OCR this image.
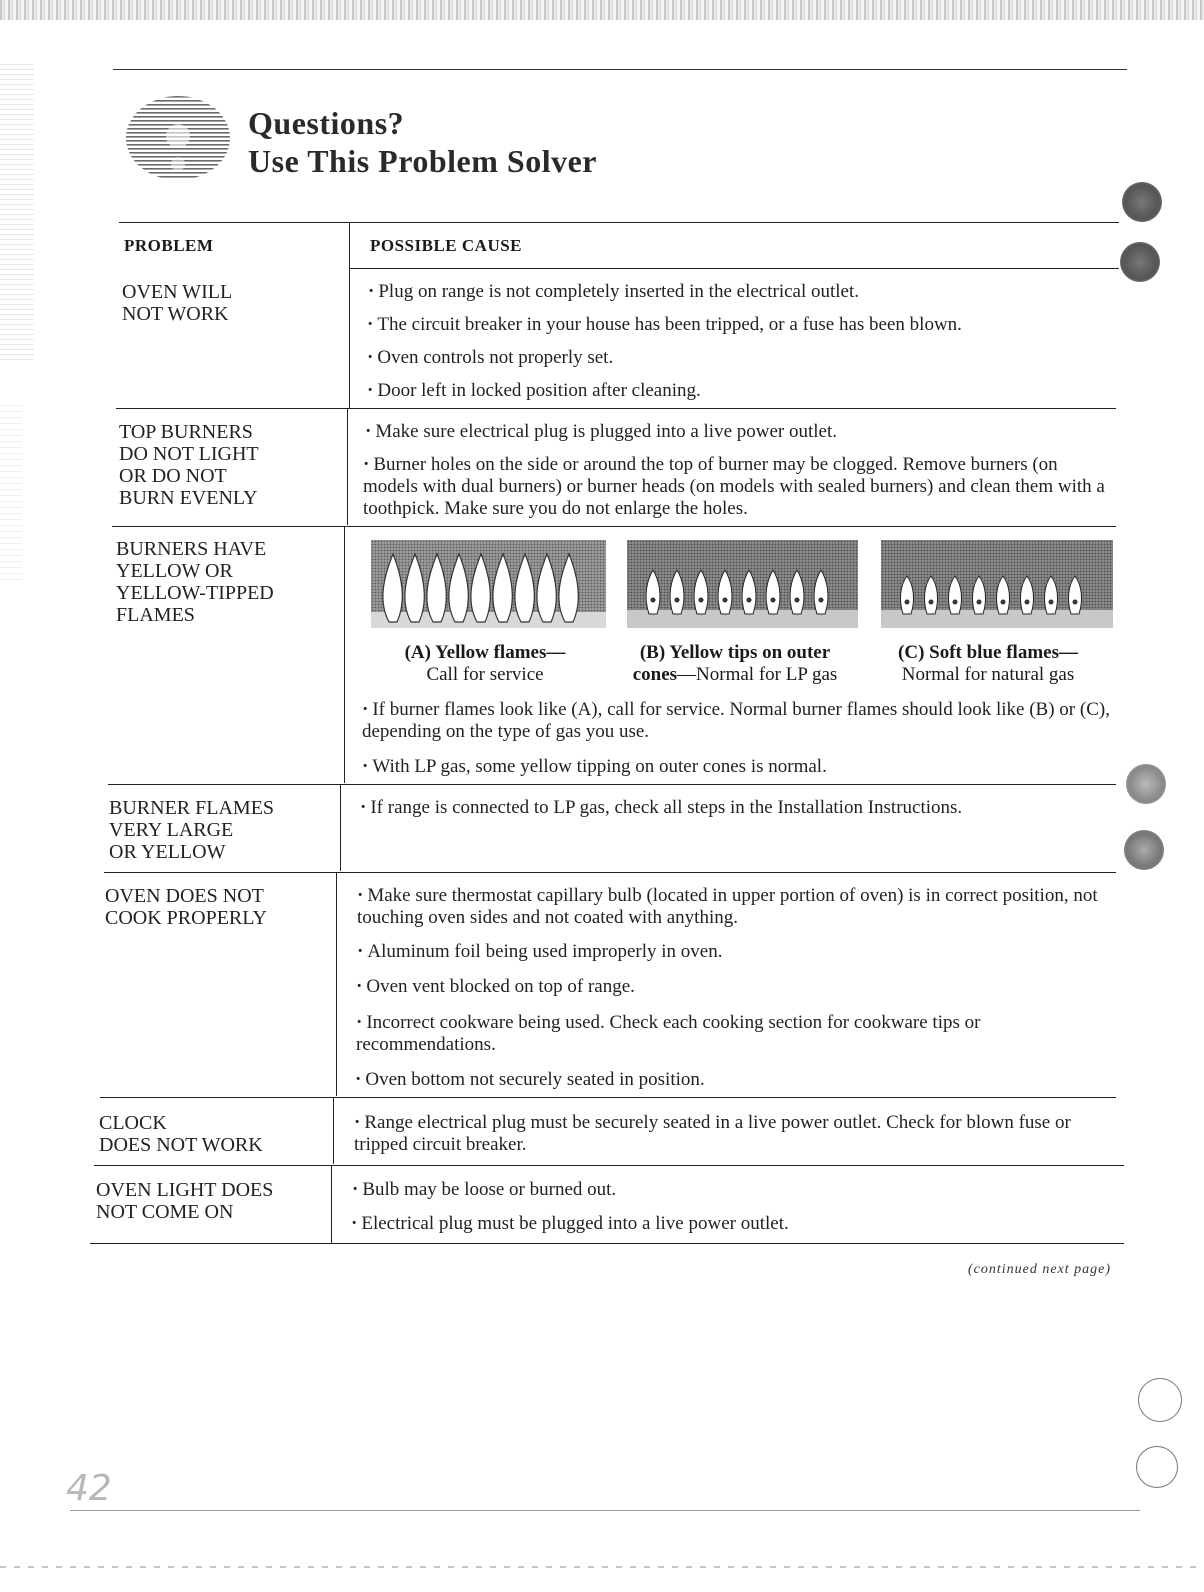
Questions?
Use This Problem Solver
PROBLEM	POSSIBLE CAUSE
OVEN WILL
NOT WORK
· Plug on range is not completely inserted in the electrical outlet.
· The circuit breaker in your house has been tripped, or a fuse has been blown.
· Oven controls not properly set.
· Door left in locked position after cleaning.
TOP BURNERS
DO NOT LIGHT
OR DO NOT
BURN EVENLY
· Make sure electrical plug is plugged into a live power outlet.
· Burner holes on the side or around the top of burner may be clogged. Remove burners (on models with dual burners) or burner heads (on models with sealed burners) and clean them with a toothpick. Make sure you do not enlarge the holes.
BURNERS HAVE
YELLOW OR
YELLOW-TIPPED
FLAMES
(A) Yellow flames—
Call for service
(B) Yellow tips on outer
cones—Normal for LP gas
(C) Soft blue flames—
Normal for natural gas
· If burner flames look like (A), call for service. Normal burner flames should look like (B) or (C), depending on the type of gas you use.
· With LP gas, some yellow tipping on outer cones is normal.
BURNER FLAMES
VERY LARGE
OR YELLOW
· If range is connected to LP gas, check all steps in the Installation Instructions.
OVEN DOES NOT
COOK PROPERLY
· Make sure thermostat capillary bulb (located in upper portion of oven) is in correct position, not touching oven sides and not coated with anything.
· Aluminum foil being used improperly in oven.
· Oven vent blocked on top of range.
· Incorrect cookware being used. Check each cooking section for cookware tips or recommendations.
· Oven bottom not securely seated in position.
CLOCK
DOES NOT WORK
· Range electrical plug must be securely seated in a live power outlet. Check for blown fuse or tripped circuit breaker.
OVEN LIGHT DOES
NOT COME ON
· Bulb may be loose or burned out.
· Electrical plug must be plugged into a live power outlet.
(continued next page)
42
